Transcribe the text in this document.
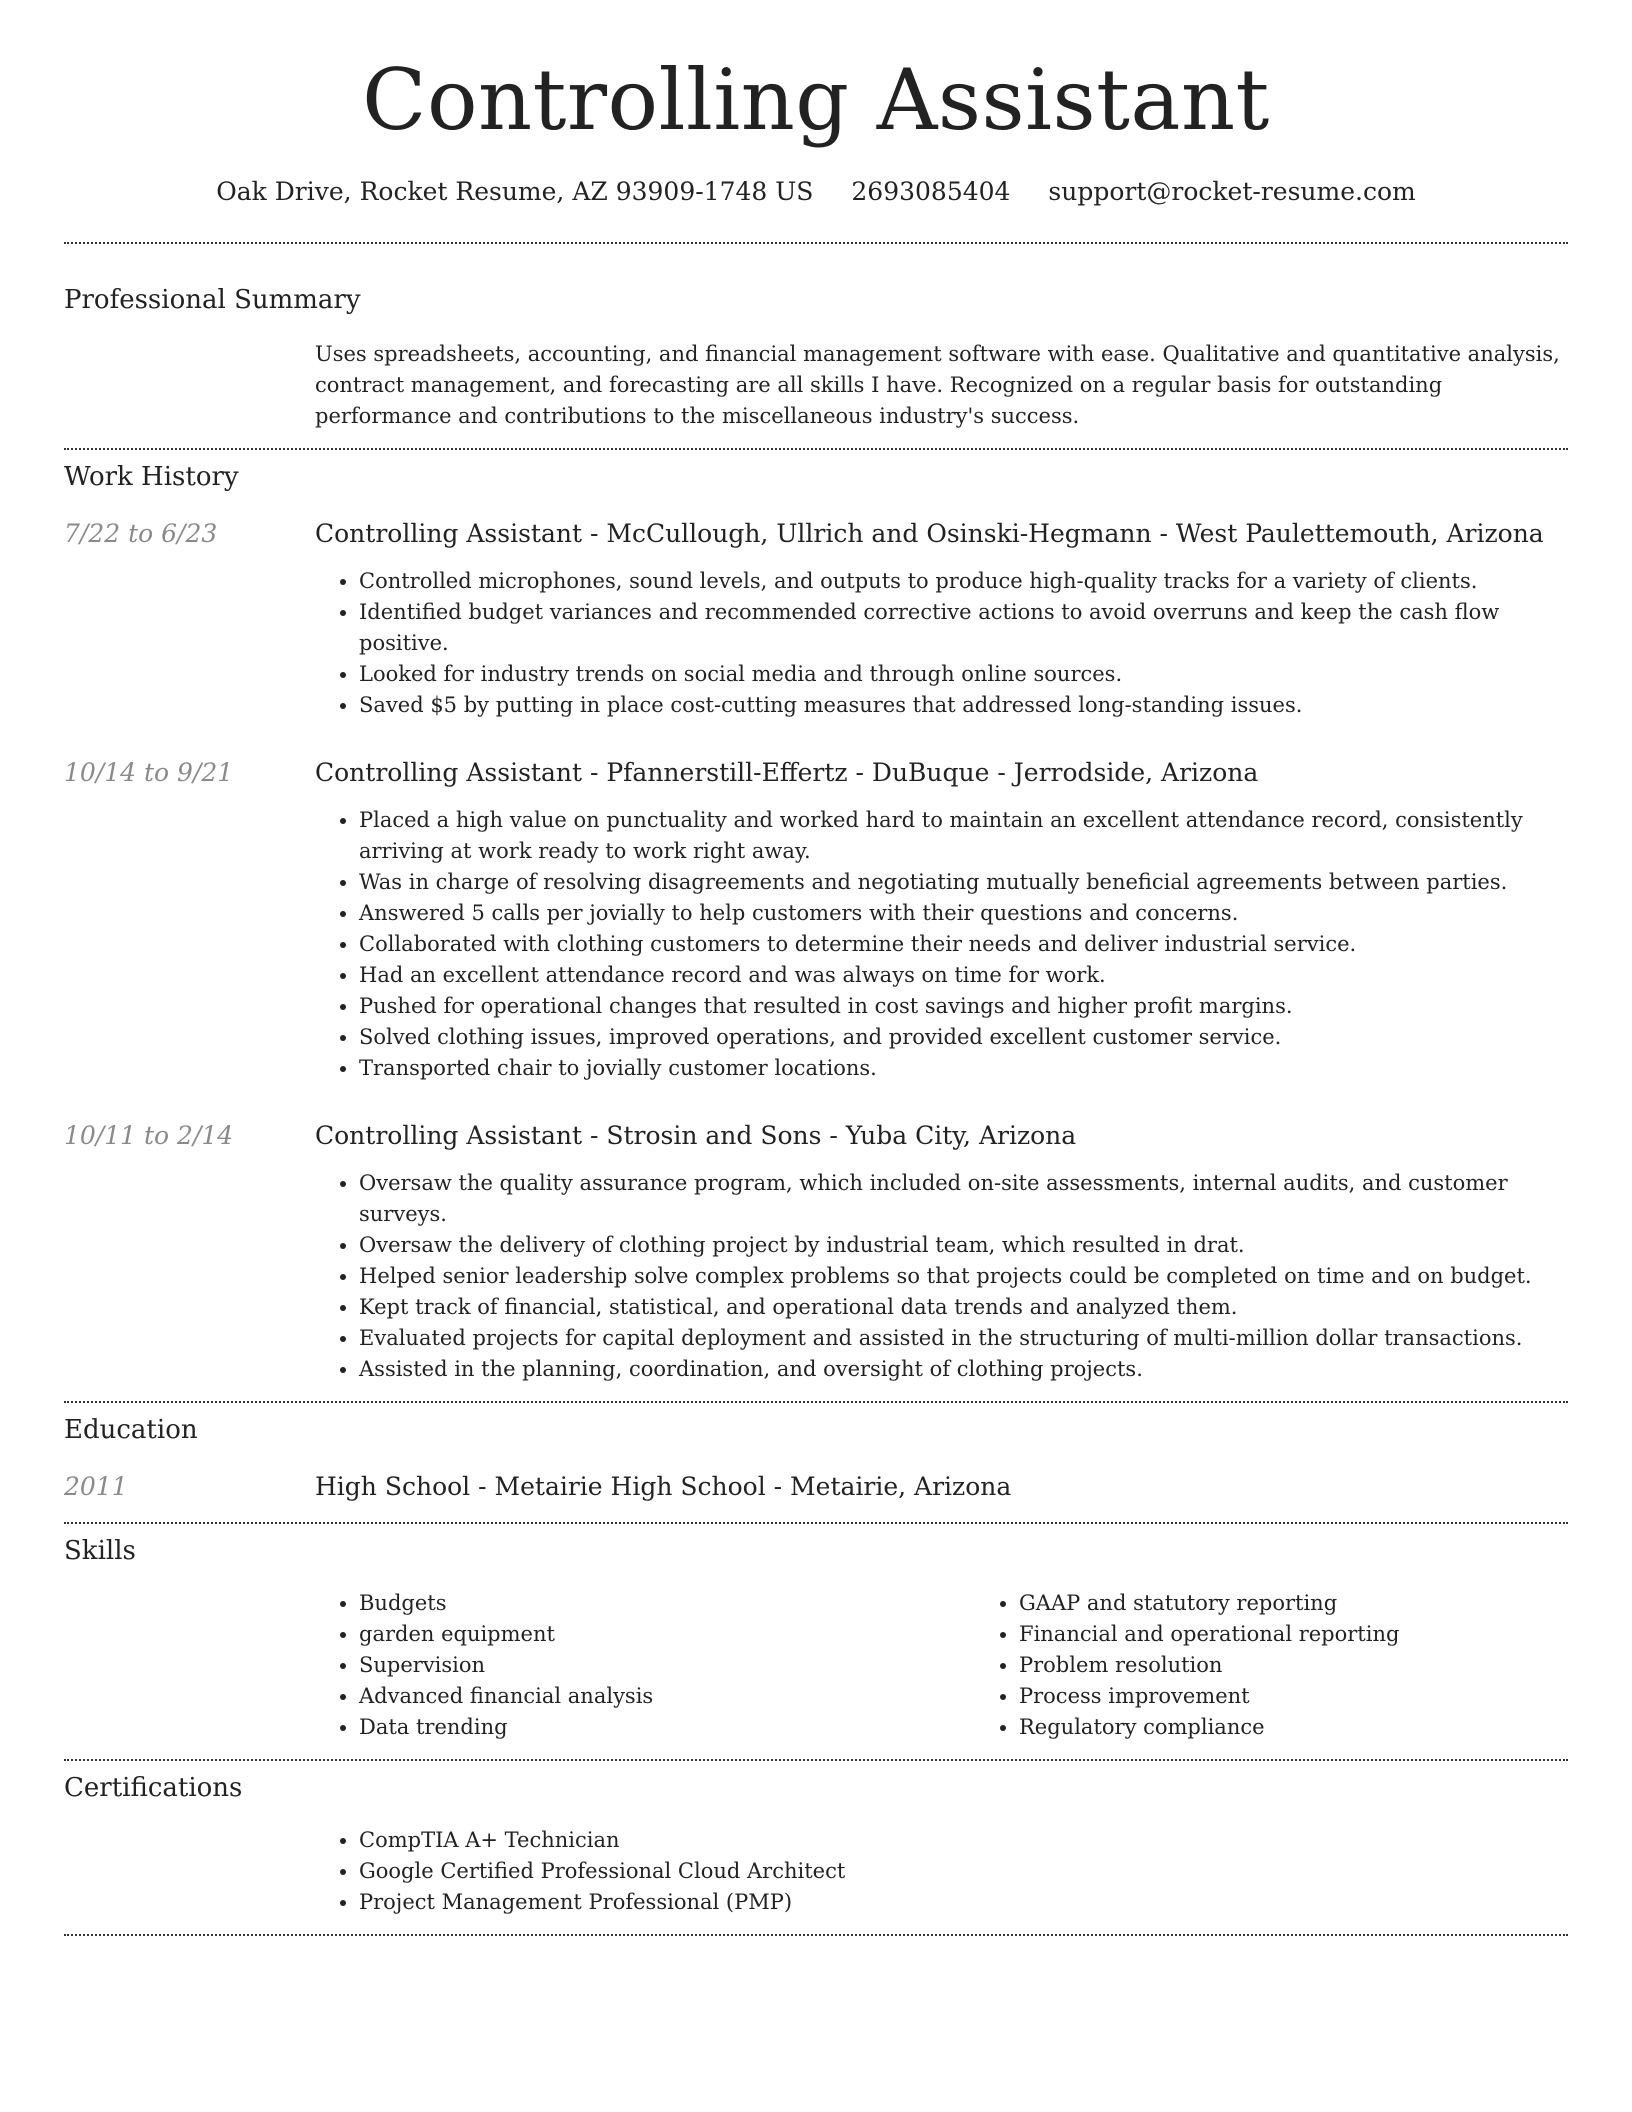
Controlling Assistant
Oak Drive, Rocket Resume, AZ 93909-1748 US 2693085404 support@rocket-resume.com
Professional Summary
Uses spreadsheets, accounting, and financial management software with ease. Qualitative and quantitative analysis, contract management, and forecasting are all skills I have. Recognized on a regular basis for outstanding performance and contributions to the miscellaneous industry's success.
Work History
7/22 to 6/23	Controlling Assistant - McCullough, Ullrich and Osinski-Hegmann - West Paulettemouth, Arizona
• Controlled microphones, sound levels, and outputs to produce high-quality tracks for a variety of clients.
• Identified budget variances and recommended corrective actions to avoid overruns and keep the cash flow positive.
• Looked for industry trends on social media and through online sources.
• Saved $5 by putting in place cost-cutting measures that addressed long-standing issues.
10/14 to 9/21	Controlling Assistant - Pfannerstill-Effertz - DuBuque - Jerrodside, Arizona
• Placed a high value on punctuality and worked hard to maintain an excellent attendance record, consistently arriving at work ready to work right away.
• Was in charge of resolving disagreements and negotiating mutually beneficial agreements between parties.
• Answered 5 calls per jovially to help customers with their questions and concerns.
• Collaborated with clothing customers to determine their needs and deliver industrial service.
• Had an excellent attendance record and was always on time for work.
• Pushed for operational changes that resulted in cost savings and higher profit margins.
• Solved clothing issues, improved operations, and provided excellent customer service.
• Transported chair to jovially customer locations.
10/11 to 2/14	Controlling Assistant - Strosin and Sons - Yuba City, Arizona
• Oversaw the quality assurance program, which included on-site assessments, internal audits, and customer surveys.
• Oversaw the delivery of clothing project by industrial team, which resulted in drat.
• Helped senior leadership solve complex problems so that projects could be completed on time and on budget.
• Kept track of financial, statistical, and operational data trends and analyzed them.
• Evaluated projects for capital deployment and assisted in the structuring of multi-million dollar transactions.
• Assisted in the planning, coordination, and oversight of clothing projects.
Education
2011	High School - Metairie High School - Metairie, Arizona
Skills
• Budgets
• garden equipment
• Supervision
• Advanced financial analysis
• Data trending
• GAAP and statutory reporting
• Financial and operational reporting
• Problem resolution
• Process improvement
• Regulatory compliance
Certifications
• CompTIA A+ Technician
• Google Certified Professional Cloud Architect
• Project Management Professional (PMP)
